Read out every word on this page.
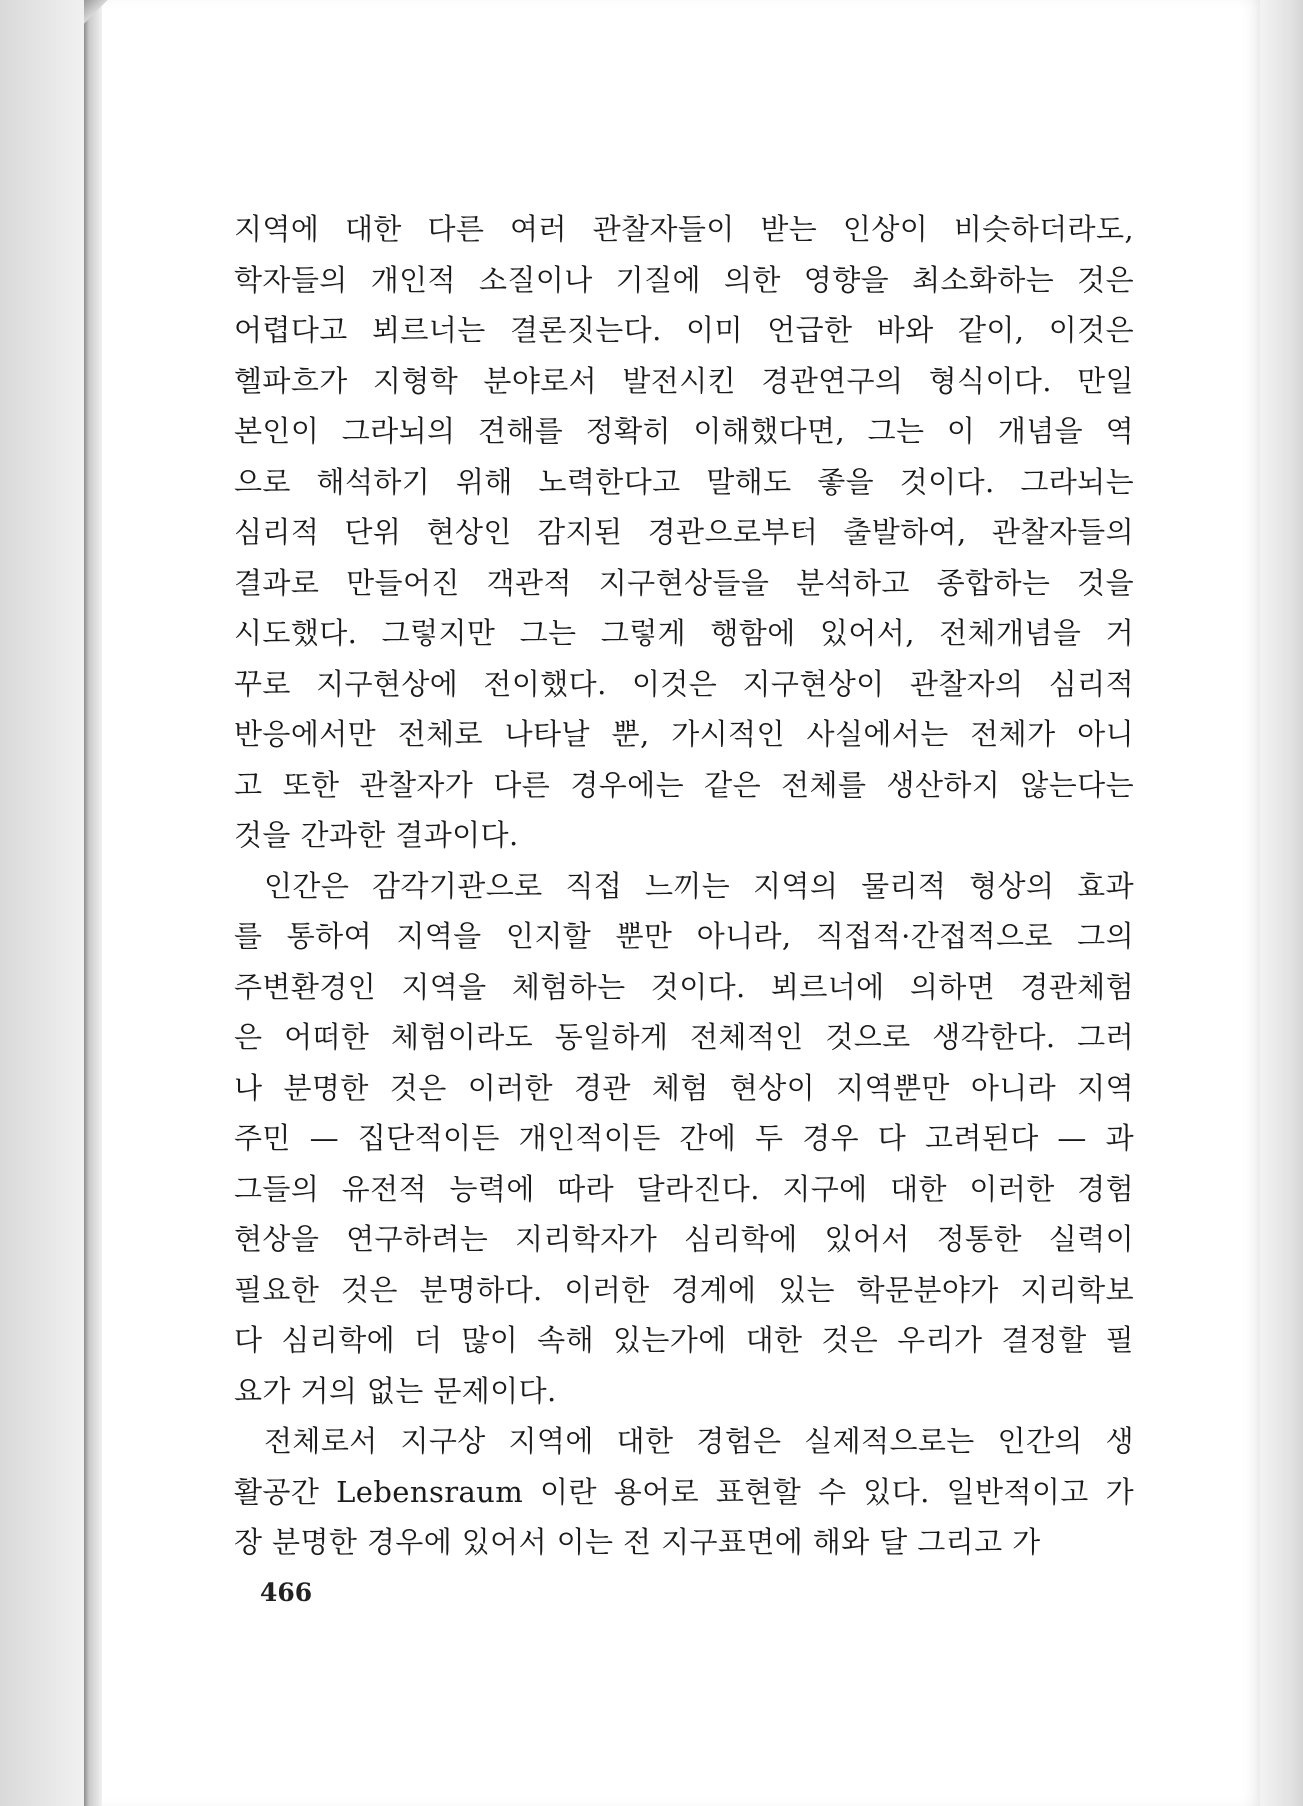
지역에 대한 다른 여러 관찰자들이 받는 인상이 비슷하더라도,
학자들의 개인적 소질이나 기질에 의한 영향을 최소화하는 것은
어렵다고 뵈르너는 결론짓는다. 이미 언급한 바와 같이, 이것은
헬파흐가 지형학 분야로서 발전시킨 경관연구의 형식이다. 만일
본인이 그라뇌의 견해를 정확히 이해했다면, 그는 이 개념을 역
으로 해석하기 위해 노력한다고 말해도 좋을 것이다. 그라뇌는
심리적 단위 현상인 감지된 경관으로부터 출발하여, 관찰자들의
결과로 만들어진 객관적 지구현상들을 분석하고 종합하는 것을
시도했다. 그렇지만 그는 그렇게 행함에 있어서, 전체개념을 거
꾸로 지구현상에 전이했다. 이것은 지구현상이 관찰자의 심리적
반응에서만 전체로 나타날 뿐, 가시적인 사실에서는 전체가 아니
고 또한 관찰자가 다른 경우에는 같은 전체를 생산하지 않는다는
것을 간과한 결과이다.
인간은 감각기관으로 직접 느끼는 지역의 물리적 형상의 효과
를 통하여 지역을 인지할 뿐만 아니라, 직접적·간접적으로 그의
주변환경인 지역을 체험하는 것이다. 뵈르너에 의하면 경관체험
은 어떠한 체험이라도 동일하게 전체적인 것으로 생각한다. 그러
나 분명한 것은 이러한 경관 체험 현상이 지역뿐만 아니라 지역
주민 — 집단적이든 개인적이든 간에 두 경우 다 고려된다 — 과
그들의 유전적 능력에 따라 달라진다. 지구에 대한 이러한 경험
현상을 연구하려는 지리학자가 심리학에 있어서 정통한 실력이
필요한 것은 분명하다. 이러한 경계에 있는 학문분야가 지리학보
다 심리학에 더 많이 속해 있는가에 대한 것은 우리가 결정할 필
요가 거의 없는 문제이다.
전체로서 지구상 지역에 대한 경험은 실제적으로는 인간의 생
활공간 Lebensraum 이란 용어로 표현할 수 있다. 일반적이고 가
장 분명한 경우에 있어서 이는 전 지구표면에 해와 달 그리고 가
466
